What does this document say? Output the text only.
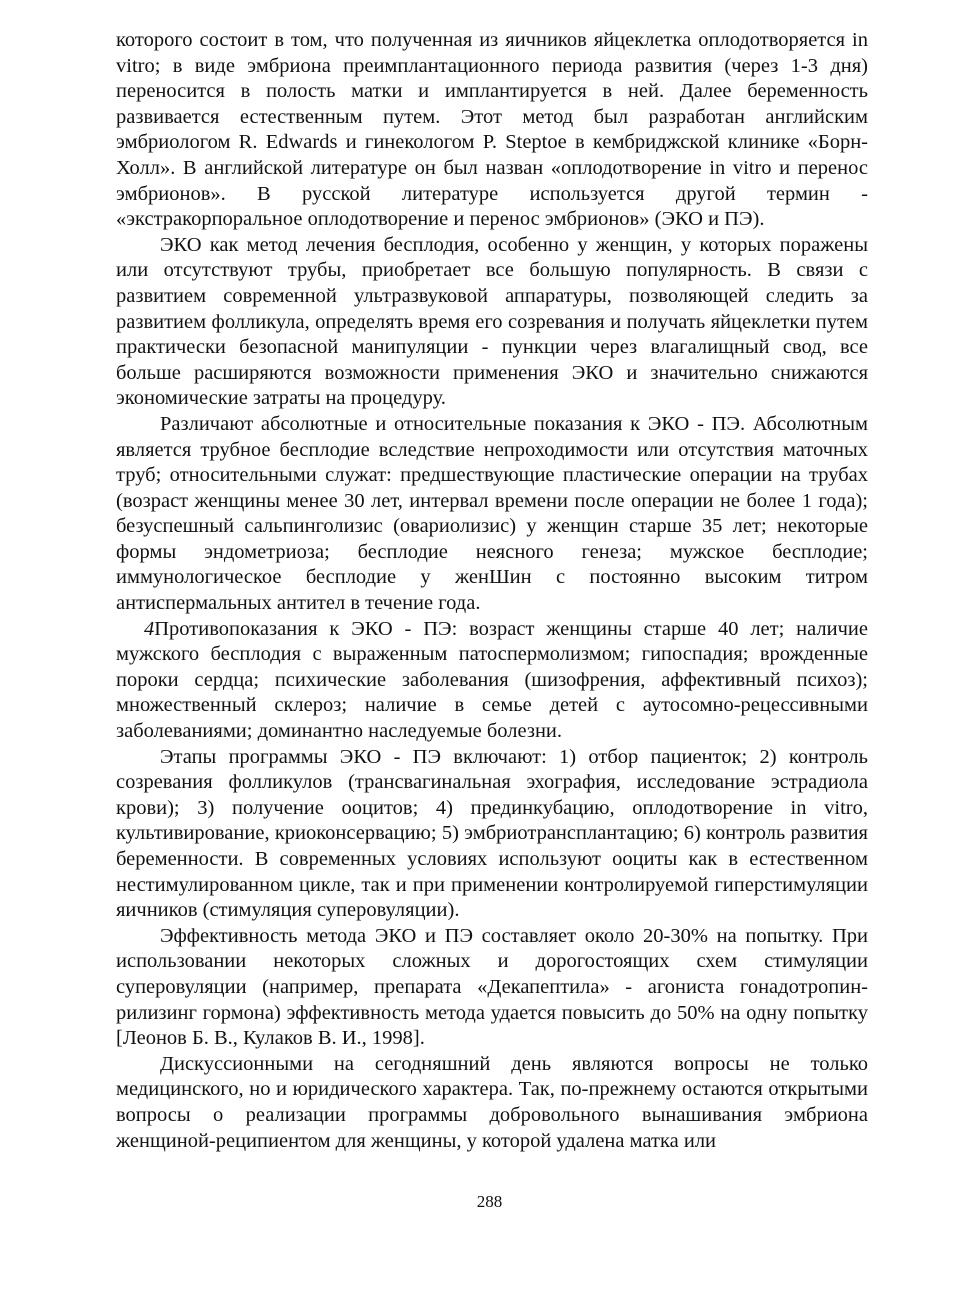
которого состоит в том, что полученная из яичников яйцеклетка оплодотворяется in vitro; в виде эмбриона преимплантационного периода развития (через 1-3 дня) переносится в полость матки и имплантируется в ней. Далее беременность развивается естественным путем. Этот метод был разработан английским эмбриологом R. Edwards и гинекологом P. Steptoe в кембриджской клинике «Борн-Холл». В английской литературе он был назван «оплодотворение in vitro и перенос эмбрионов». В русской литературе используется другой термин - «экстракорпоральное оплодотворение и перенос эмбрионов» (ЭКО и ПЭ).

ЭКО как метод лечения бесплодия, особенно у женщин, у которых поражены или отсутствуют трубы, приобретает все большую популярность. В связи с развитием современной ультразвуковой аппаратуры, позволяющей следить за развитием фолликула, определять время его созревания и получать яйцеклетки путем практически безопасной манипуляции - пункции через влагалищный свод, все больше расширяются возможности применения ЭКО и значительно снижаются экономические затраты на процедуру.

Различают абсолютные и относительные показания к ЭКО - ПЭ. Абсолютным является трубное бесплодие вследствие непроходимости или отсутствия маточных труб; относительными служат: предшествующие пластические операции на трубах (возраст женщины менее 30 лет, интервал времени после операции не более 1 года); безуспешный сальпинголизис (овариолизис) у женщин старше 35 лет; некоторые формы эндометриоза; бесплодие неясного генеза; мужское бесплодие; иммунологическое бесплодие у женШин с постоянно высоким титром антиспермальных антител в течение года.

4Противопоказания к ЭКО - ПЭ: возраст женщины старше 40 лет; наличие мужского бесплодия с выраженным патоспермолизмом; гипоспадия; врожденные пороки сердца; психические заболевания (шизофрения, аффективный психоз); множественный склероз; наличие в семье детей с аутосомно-рецессивными заболеваниями; доминантно наследуемые болезни.

Этапы программы ЭКО - ПЭ включают: 1) отбор пациенток; 2) контроль созревания фолликулов (трансвагинальная эхография, исследование эстрадиола крови); 3) получение ооцитов; 4) прединкубацию, оплодотворение in vitro, культивирование, криоконсервацию; 5) эмбриотрансплантацию; 6) контроль развития беременности. В современных условиях используют ооциты как в естественном нестимулированном цикле, так и при применении контролируемой гиперстимуляции яичников (стимуляция суперовуляции).

Эффективность метода ЭКО и ПЭ составляет около 20-30% на попытку. При использовании некоторых сложных и дорогостоящих схем стимуляции суперовуляции (например, препарата «Декапептила» - агониста гонадотропин-рилизинг гормона) эффективность метода удается повысить до 50% на одну попытку [Леонов Б. В., Кулаков В. И., 1998].

Дискуссионными на сегодняшний день являются вопросы не только медицинского, но и юридического характера. Так, по-прежнему остаются открытыми вопросы о реализации программы добровольного вынашивания эмбриона женщиной-реципиентом для женщины, у которой удалена матка или

288
